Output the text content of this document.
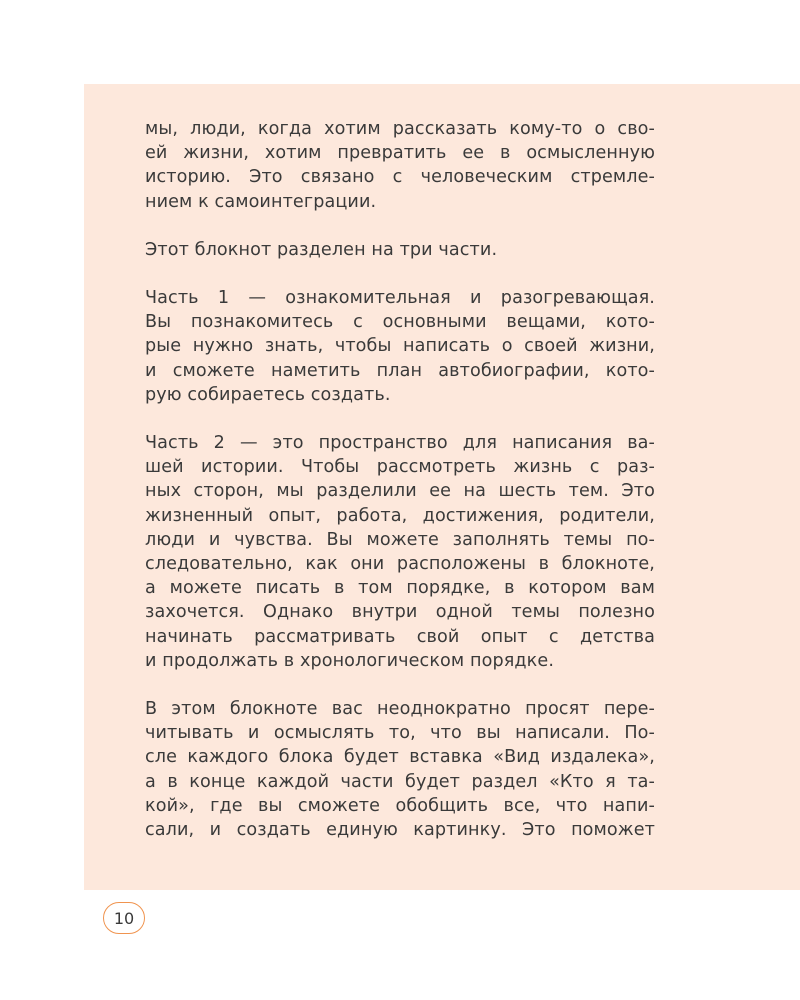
мы, люди, когда хотим рассказать кому-то о сво-
ей жизни, хотим превратить ее в осмысленную
историю. Это связано с человеческим стремле-
нием к самоинтеграции.

Этот блокнот разделен на три части.

Часть 1 — ознакомительная и разогревающая.
Вы познакомитесь с основными вещами, кото-
рые нужно знать, чтобы написать о своей жизни,
и сможете наметить план автобиографии, кото-
рую собираетесь создать.

Часть 2 — это пространство для написания ва-
шей истории. Чтобы рассмотреть жизнь с раз-
ных сторон, мы разделили ее на шесть тем. Это
жизненный опыт, работа, достижения, родители,
люди и чувства. Вы можете заполнять темы по-
следовательно, как они расположены в блокноте,
а можете писать в том порядке, в котором вам
захочется. Однако внутри одной темы полезно
начинать рассматривать свой опыт с детства
и продолжать в хронологическом порядке.

В этом блокноте вас неоднократно просят пере-
читывать и осмыслять то, что вы написали. По-
сле каждого блока будет вставка «Вид издалека»,
а в конце каждой части будет раздел «Кто я та-
кой», где вы сможете обобщить все, что напи-
сали, и создать единую картинку. Это поможет

10
